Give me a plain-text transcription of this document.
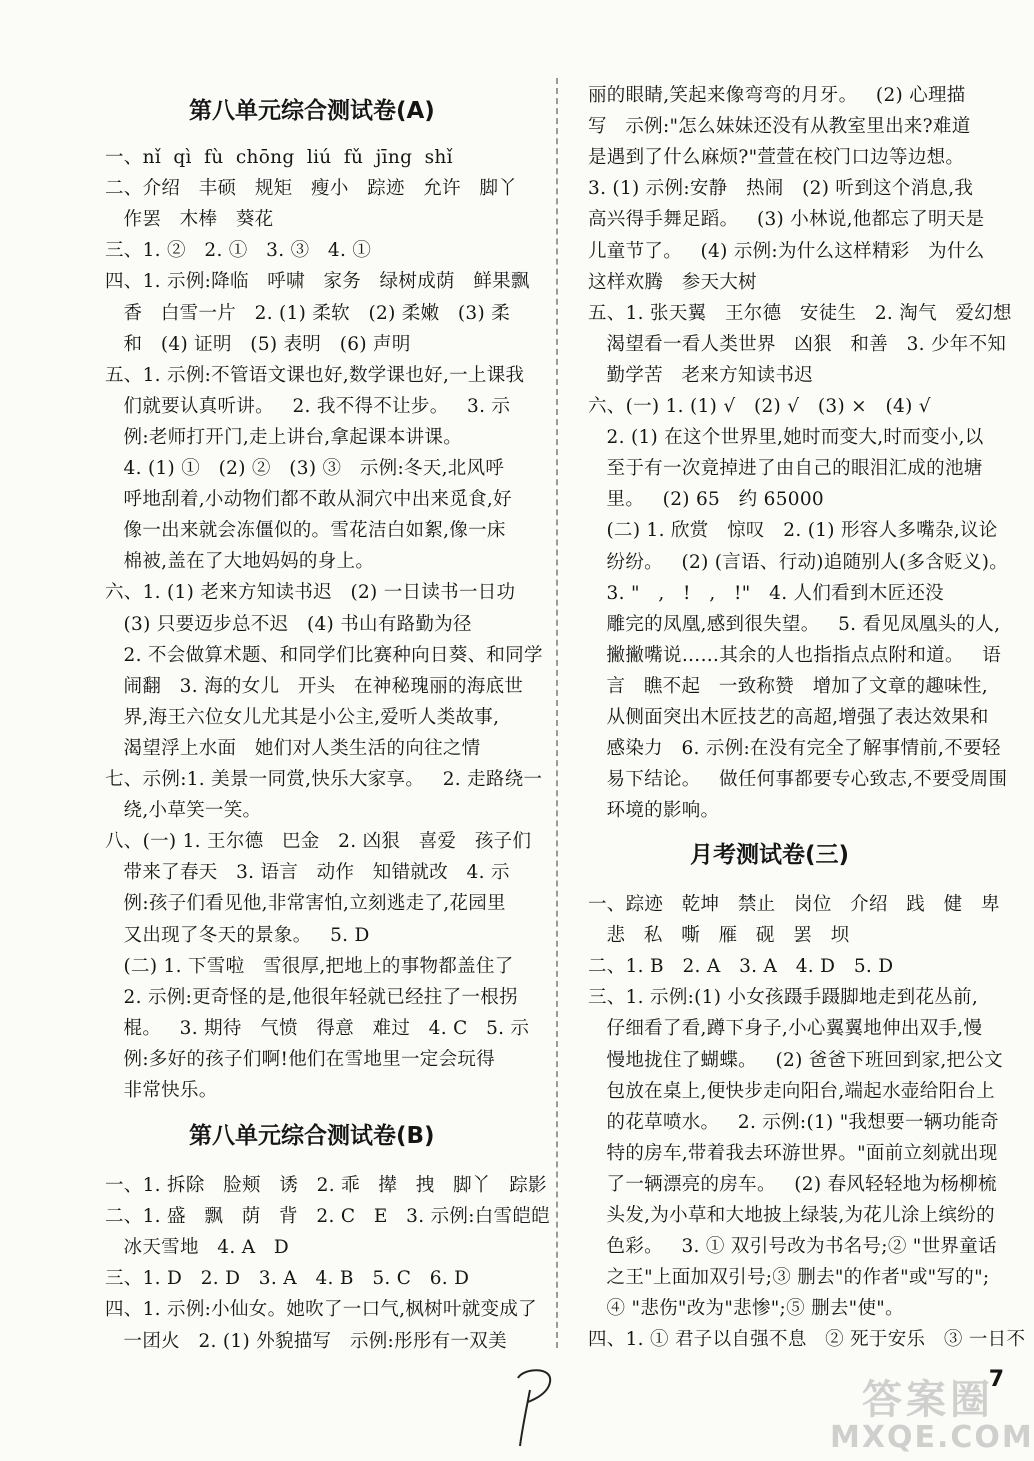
第八单元综合测试卷(A)
一、nǐ  qì  fù  chōng  liú  fǔ  jīng  shǐ
二、介绍   丰硕   规矩   瘦小   踪迹   允许   脚丫
作罢   木棒   葵花
三、1. ②   2. ①   3. ③   4. ①
四、1. 示例:降临   呼啸   家务   绿树成荫   鲜果飘
香   白雪一片   2. (1) 柔软   (2) 柔嫩   (3) 柔
和   (4) 证明   (5) 表明   (6) 声明
五、1. 示例:不管语文课也好,数学课也好,一上课我
们就要认真听讲。   2. 我不得不让步。   3. 示
例:老师打开门,走上讲台,拿起课本讲课。
4. (1) ①   (2) ②   (3) ③   示例:冬天,北风呼
呼地刮着,小动物们都不敢从洞穴中出来觅食,好
像一出来就会冻僵似的。雪花洁白如絮,像一床
棉被,盖在了大地妈妈的身上。
六、1. (1) 老来方知读书迟   (2) 一日读书一日功
(3) 只要迈步总不迟   (4) 书山有路勤为径
2. 不会做算术题、和同学们比赛种向日葵、和同学
闹翻   3. 海的女儿   开头   在神秘瑰丽的海底世
界,海王六位女儿尤其是小公主,爱听人类故事,
渴望浮上水面   她们对人类生活的向往之情
七、示例:1. 美景一同赏,快乐大家享。   2. 走路绕一
绕,小草笑一笑。
八、(一) 1. 王尔德   巴金   2. 凶狠   喜爱   孩子们
带来了春天   3. 语言   动作   知错就改   4. 示
例:孩子们看见他,非常害怕,立刻逃走了,花园里
又出现了冬天的景象。   5. D
(二) 1. 下雪啦   雪很厚,把地上的事物都盖住了
2. 示例:更奇怪的是,他很年轻就已经拄了一根拐
棍。   3. 期待   气愤   得意   难过   4. C   5. 示
例:多好的孩子们啊!他们在雪地里一定会玩得
非常快乐。
第八单元综合测试卷(B)
一、1. 拆除   脸颊   诱   2. 乖   撵   拽   脚丫   踪影
二、1. 盛   飘   荫   背   2. C   E   3. 示例:白雪皑皑
冰天雪地   4. A   D
三、1. D   2. D   3. A   4. B   5. C   6. D
四、1. 示例:小仙女。她吹了一口气,枫树叶就变成了
一团火   2. (1) 外貌描写   示例:彤彤有一双美
丽的眼睛,笑起来像弯弯的月牙。   (2) 心理描
写   示例:"怎么妹妹还没有从教室里出来?难道
是遇到了什么麻烦?"萱萱在校门口边等边想。
3. (1) 示例:安静   热闹   (2) 听到这个消息,我
高兴得手舞足蹈。   (3) 小林说,他都忘了明天是
儿童节了。   (4) 示例:为什么这样精彩   为什么
这样欢腾   参天大树
五、1. 张天翼   王尔德   安徒生   2. 淘气   爱幻想
渴望看一看人类世界   凶狠   和善   3. 少年不知
勤学苦   老来方知读书迟
六、(一) 1. (1) √   (2) √   (3) ×   (4) √
2. (1) 在这个世界里,她时而变大,时而变小,以
至于有一次竟掉进了由自己的眼泪汇成的池塘
里。   (2) 65   约 65000
(二) 1. 欣赏   惊叹   2. (1) 形容人多嘴杂,议论
纷纷。   (2) (言语、行动)追随别人(多含贬义)。
3. "   ,   !   ,   !"   4. 人们看到木匠还没
雕完的凤凰,感到很失望。   5. 看见凤凰头的人,
撇撇嘴说……其余的人也指指点点附和道。   语
言   瞧不起   一致称赞   增加了文章的趣味性,
从侧面突出木匠技艺的高超,增强了表达效果和
感染力   6. 示例:在没有完全了解事情前,不要轻
易下结论。   做任何事都要专心致志,不要受周围
环境的影响。
月考测试卷(三)
一、踪迹   乾坤   禁止   岗位   介绍   践   健   卑
悲   私   嘶   雁   砚   罢   坝
二、1. B   2. A   3. A   4. D   5. D
三、1. 示例:(1) 小女孩蹑手蹑脚地走到花丛前,
仔细看了看,蹲下身子,小心翼翼地伸出双手,慢
慢地拢住了蝴蝶。   (2) 爸爸下班回到家,把公文
包放在桌上,便快步走向阳台,端起水壶给阳台上
的花草喷水。   2. 示例:(1) "我想要一辆功能奇
特的房车,带着我去环游世界。"面前立刻就出现
了一辆漂亮的房车。   (2) 春风轻轻地为杨柳梳
头发,为小草和大地披上绿装,为花儿涂上缤纷的
色彩。   3. ① 双引号改为书名号;② "世界童话
之王"上面加双引号;③ 删去"的作者"或"写的";
④ "悲伤"改为"悲惨";⑤ 删去"使"。
四、1. ① 君子以自强不息   ② 死于安乐   ③ 一日不
7
答案圈
MXQE.COM
